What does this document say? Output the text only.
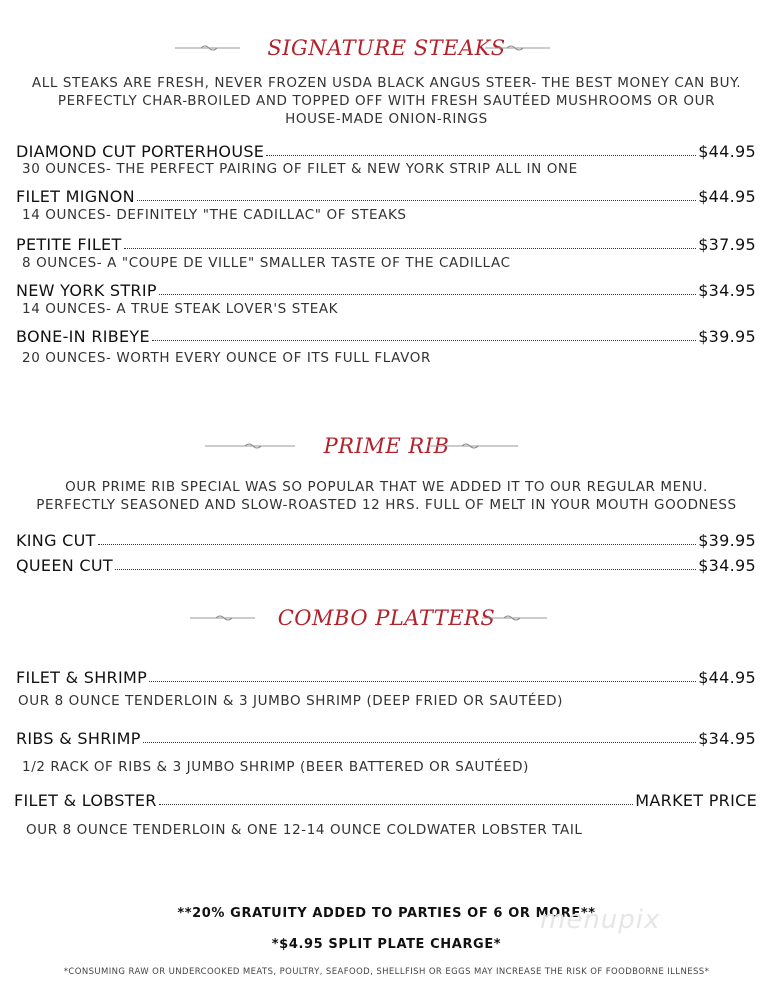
SIGNATURE STEAKS
ALL STEAKS ARE FRESH, NEVER FROZEN USDA BLACK ANGUS STEER- THE BEST MONEY CAN BUY.
PERFECTLY CHAR-BROILED AND TOPPED OFF WITH FRESH SAUTÉED MUSHROOMS OR OUR
HOUSE-MADE ONION-RINGS
DIAMOND CUT PORTERHOUSE	$44.95
30 OUNCES- THE PERFECT PAIRING OF FILET & NEW YORK STRIP ALL IN ONE
FILET MIGNON	$44.95
14 OUNCES- DEFINITELY "THE CADILLAC" OF STEAKS
PETITE FILET	$37.95
8 OUNCES- A "COUPE DE VILLE" SMALLER TASTE OF THE CADILLAC
NEW YORK STRIP	$34.95
14 OUNCES- A TRUE STEAK LOVER'S STEAK
BONE-IN RIBEYE	$39.95
20 OUNCES- WORTH EVERY OUNCE OF ITS FULL FLAVOR
PRIME RIB
OUR PRIME RIB SPECIAL WAS SO POPULAR THAT WE ADDED IT TO OUR REGULAR MENU.
PERFECTLY SEASONED AND SLOW-ROASTED 12 HRS. FULL OF MELT IN YOUR MOUTH GOODNESS
KING CUT	$39.95
QUEEN CUT	$34.95
COMBO PLATTERS
FILET & SHRIMP	$44.95
OUR 8 OUNCE TENDERLOIN & 3 JUMBO SHRIMP (DEEP FRIED OR SAUTÉED)
RIBS & SHRIMP	$34.95
1/2 RACK OF RIBS & 3 JUMBO SHRIMP (BEER BATTERED OR SAUTÉED)
FILET & LOBSTER	MARKET PRICE
OUR 8 OUNCE TENDERLOIN & ONE 12-14 OUNCE COLDWATER LOBSTER TAIL
**20% GRATUITY ADDED TO PARTIES OF 6 OR MORE**
*$4.95 SPLIT PLATE CHARGE*
*CONSUMING RAW OR UNDERCOOKED MEATS, POULTRY, SEAFOOD, SHELLFISH OR EGGS MAY INCREASE THE RISK OF FOODBORNE ILLNESS*
menupix
